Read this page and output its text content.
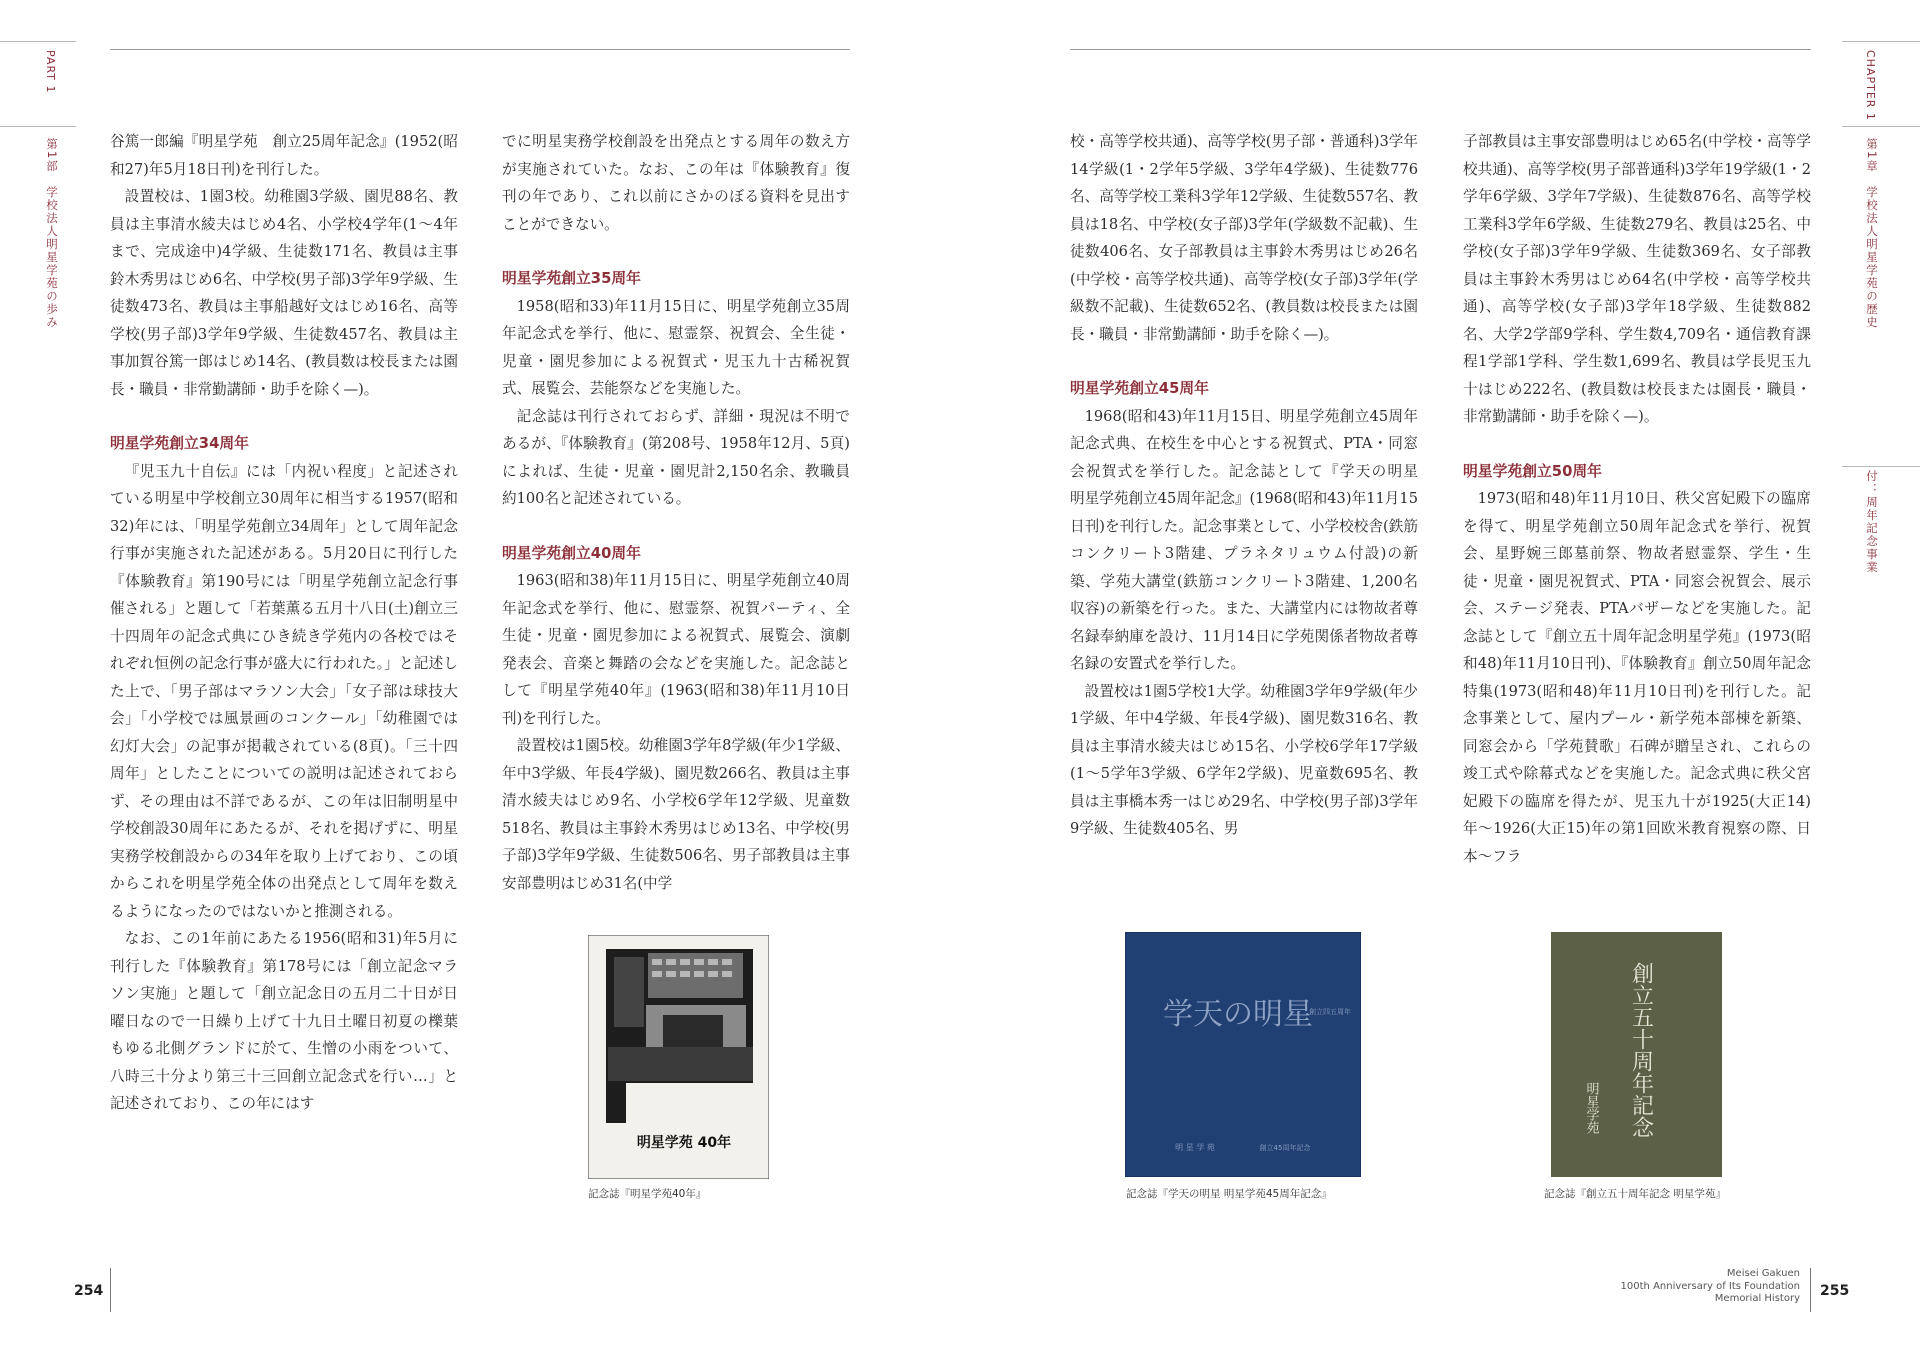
PART 1
第1部　学校法人明星学苑の歩み	谷篤一郎編『明星学苑　創立25周年記念』(1952(昭和27)年5月18日刊)を刊行した。

設置校は、1園3校。幼稚園3学級、園児88名、教員は主事清水綾夫はじめ4名、小学校4学年(1〜4年まで、完成途中)4学級、生徒数171名、教員は主事鈴木秀男はじめ6名、中学校(男子部)3学年9学級、生徒数473名、教員は主事船越好文はじめ16名、高等学校(男子部)3学年9学級、生徒数457名、教員は主事加賀谷篤一郎はじめ14名、(教員数は校長または園長・職員・非常勤講師・助手を除く—)。

明星学苑創立34周年

『児玉九十自伝』には「内祝い程度」と記述されている明星中学校創立30周年に相当する1957(昭和32)年には、「明星学苑創立34周年」として周年記念行事が実施された記述がある。5月20日に刊行した『体験教育』第190号には「明星学苑創立記念行事催される」と題して「若葉薫る五月十八日(土)創立三十四周年の記念式典にひき続き学苑内の各校ではそれぞれ恒例の記念行事が盛大に行われた。」と記述した上で、「男子部はマラソン大会」「女子部は球技大会」「小学校では風景画のコンクール」「幼稚園では幻灯大会」の記事が掲載されている(8頁)。「三十四周年」としたことについての説明は記述されておらず、その理由は不詳であるが、この年は旧制明星中学校創設30周年にあたるが、それを掲げずに、明星実務学校創設からの34年を取り上げており、この頃からこれを明星学苑全体の出発点として周年を数えるようになったのではないかと推測される。

なお、この1年前にあたる1956(昭和31)年5月に刊行した『体験教育』第178号には「創立記念マラソン実施」と題して「創立記念日の五月二十日が日曜日なので一日繰り上げて十九日土曜日初夏の櫟葉もゆる北側グランドに於て、生憎の小雨をついて、八時三十分より第三十三回創立記念式を行い…」と記述されており、この年にはす

でに明星実務学校創設を出発点とする周年の数え方が実施されていた。なお、この年は『体験教育』復刊の年であり、これ以前にさかのぼる資料を見出すことができない。

明星学苑創立35周年

1958(昭和33)年11月15日に、明星学苑創立35周年記念式を挙行、他に、慰霊祭、祝賀会、全生徒・児童・園児参加による祝賀式・児玉九十古稀祝賀式、展覧会、芸能祭などを実施した。

記念誌は刊行されておらず、詳細・現況は不明であるが、『体験教育』(第208号、1958年12月、5頁)によれば、生徒・児童・園児計2,150名余、教職員約100名と記述されている。

明星学苑創立40周年

1963(昭和38)年11月15日に、明星学苑創立40周年記念式を挙行、他に、慰霊祭、祝賀パーティ、全生徒・児童・園児参加による祝賀式、展覧会、演劇発表会、音楽と舞踏の会などを実施した。記念誌として『明星学苑40年』(1963(昭和38)年11月10日刊)を刊行した。

設置校は1園5校。幼稚園3学年8学級(年少1学級、年中3学級、年長4学級)、園児数266名、教員は主事清水綾夫はじめ9名、小学校6学年12学級、児童数518名、教員は主事鈴木秀男はじめ13名、中学校(男子部)3学年9学級、生徒数506名、男子部教員は主事安部豊明はじめ31名(中学

明星学苑 40年
記念誌『明星学苑40年』
254
CHAPTER 1
第1章　学校法人明星学苑の歴史
付：周年記念事業

校・高等学校共通)、高等学校(男子部・普通科)3学年14学級(1・2学年5学級、3学年4学級)、生徒数776名、高等学校工業科3学年12学級、生徒数557名、教員は18名、中学校(女子部)3学年(学級数不記載)、生徒数406名、女子部教員は主事鈴木秀男はじめ26名(中学校・高等学校共通)、高等学校(女子部)3学年(学級数不記載)、生徒数652名、(教員数は校長または園長・職員・非常勤講師・助手を除く—)。

明星学苑創立45周年

1968(昭和43)年11月15日、明星学苑創立45周年記念式典、在校生を中心とする祝賀式、PTA・同窓会祝賀式を挙行した。記念誌として『学天の明星　明星学苑創立45周年記念』(1968(昭和43)年11月15日刊)を刊行した。記念事業として、小学校校舎(鉄筋コンクリート3階建、プラネタリュウム付設)の新築、学苑大講堂(鉄筋コンクリート3階建、1,200名収容)の新築を行った。また、大講堂内には物故者尊名録奉納庫を設け、11月14日に学苑関係者物故者尊名録の安置式を挙行した。

設置校は1園5学校1大学。幼稚園3学年9学級(年少1学級、年中4学級、年長4学級)、園児数316名、教員は主事清水綾夫はじめ15名、小学校6学年17学級(1〜5学年3学級、6学年2学級)、児童数695名、教員は主事橋本秀一はじめ29名、中学校(男子部)3学年9学級、生徒数405名、男

子部教員は主事安部豊明はじめ65名(中学校・高等学校共通)、高等学校(男子部普通科)3学年19学級(1・2学年6学級、3学年7学級)、生徒数876名、高等学校工業科3学年6学級、生徒数279名、教員は25名、中学校(女子部)3学年9学級、生徒数369名、女子部教員は主事鈴木秀男はじめ64名(中学校・高等学校共通)、高等学校(女子部)3学年18学級、生徒数882名、大学2学部9学科、学生数4,709名・通信教育課程1学部1学科、学生数1,699名、教員は学長児玉九十はじめ222名、(教員数は校長または園長・職員・非常勤講師・助手を除く—)。

明星学苑創立50周年

1973(昭和48)年11月10日、秩父宮妃殿下の臨席を得て、明星学苑創立50周年記念式を挙行、祝賀会、星野婉三郎墓前祭、物故者慰霊祭、学生・生徒・児童・園児祝賀式、PTA・同窓会祝賀会、展示会、ステージ発表、PTAバザーなどを実施した。記念誌として『創立五十周年記念明星学苑』(1973(昭和48)年11月10日刊)、『体験教育』創立50周年記念特集(1973(昭和48)年11月10日刊)を刊行した。記念事業として、屋内プール・新学苑本部棟を新築、同窓会から「学苑賛歌」石碑が贈呈され、これらの竣工式や除幕式などを実施した。記念式典に秩父宮妃殿下の臨席を得たが、児玉九十が1925(大正14)年〜1926(大正15)年の第1回欧米教育視察の際、日本〜フラ

学天の明星
創立四五周年
明 星 学 苑	創立45周年記念
記念誌『学天の明星 明星学苑45周年記念』
創立五十周年記念
明星学苑
記念誌『創立五十周年記念 明星学苑』
Meisei Gakuen
100th Anniversary of Its Foundation
Memorial History 255
